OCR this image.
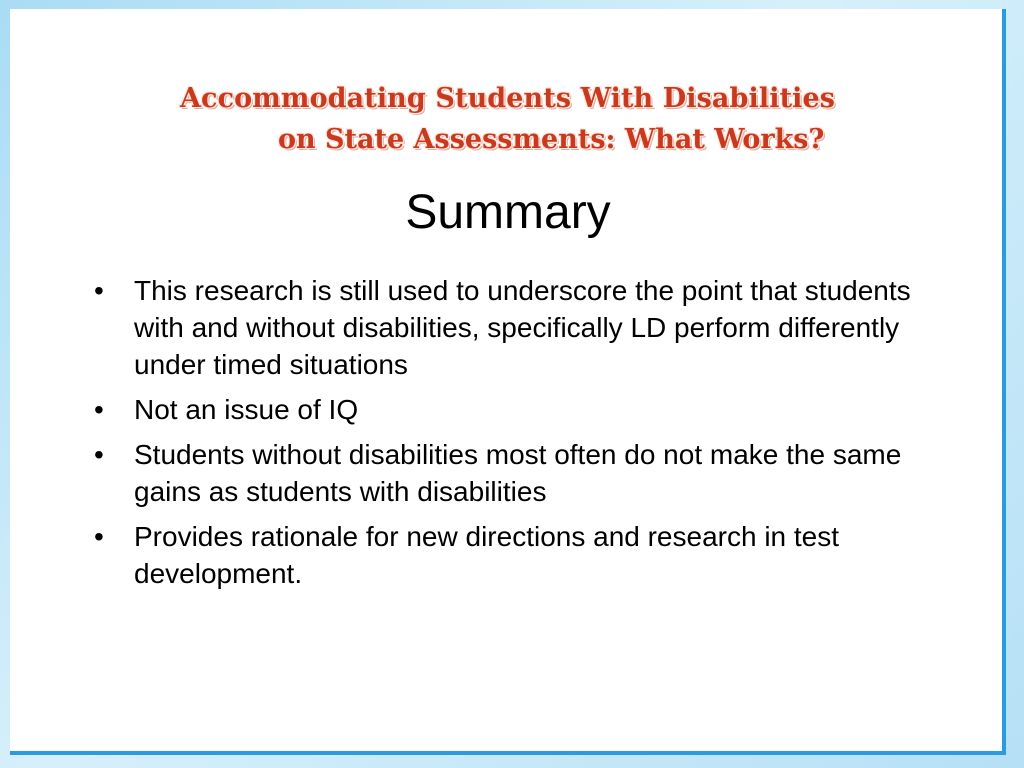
Accommodating Students With Disabilities
on State Assessments: What Works?
Summary
•	This research is still used to underscore the point that students with and without disabilities, specifically LD perform differently under timed situations
•	Not an issue of IQ
•	Students without disabilities most often do not make the same gains as students with disabilities
•	Provides rationale for new directions and research in test development.
